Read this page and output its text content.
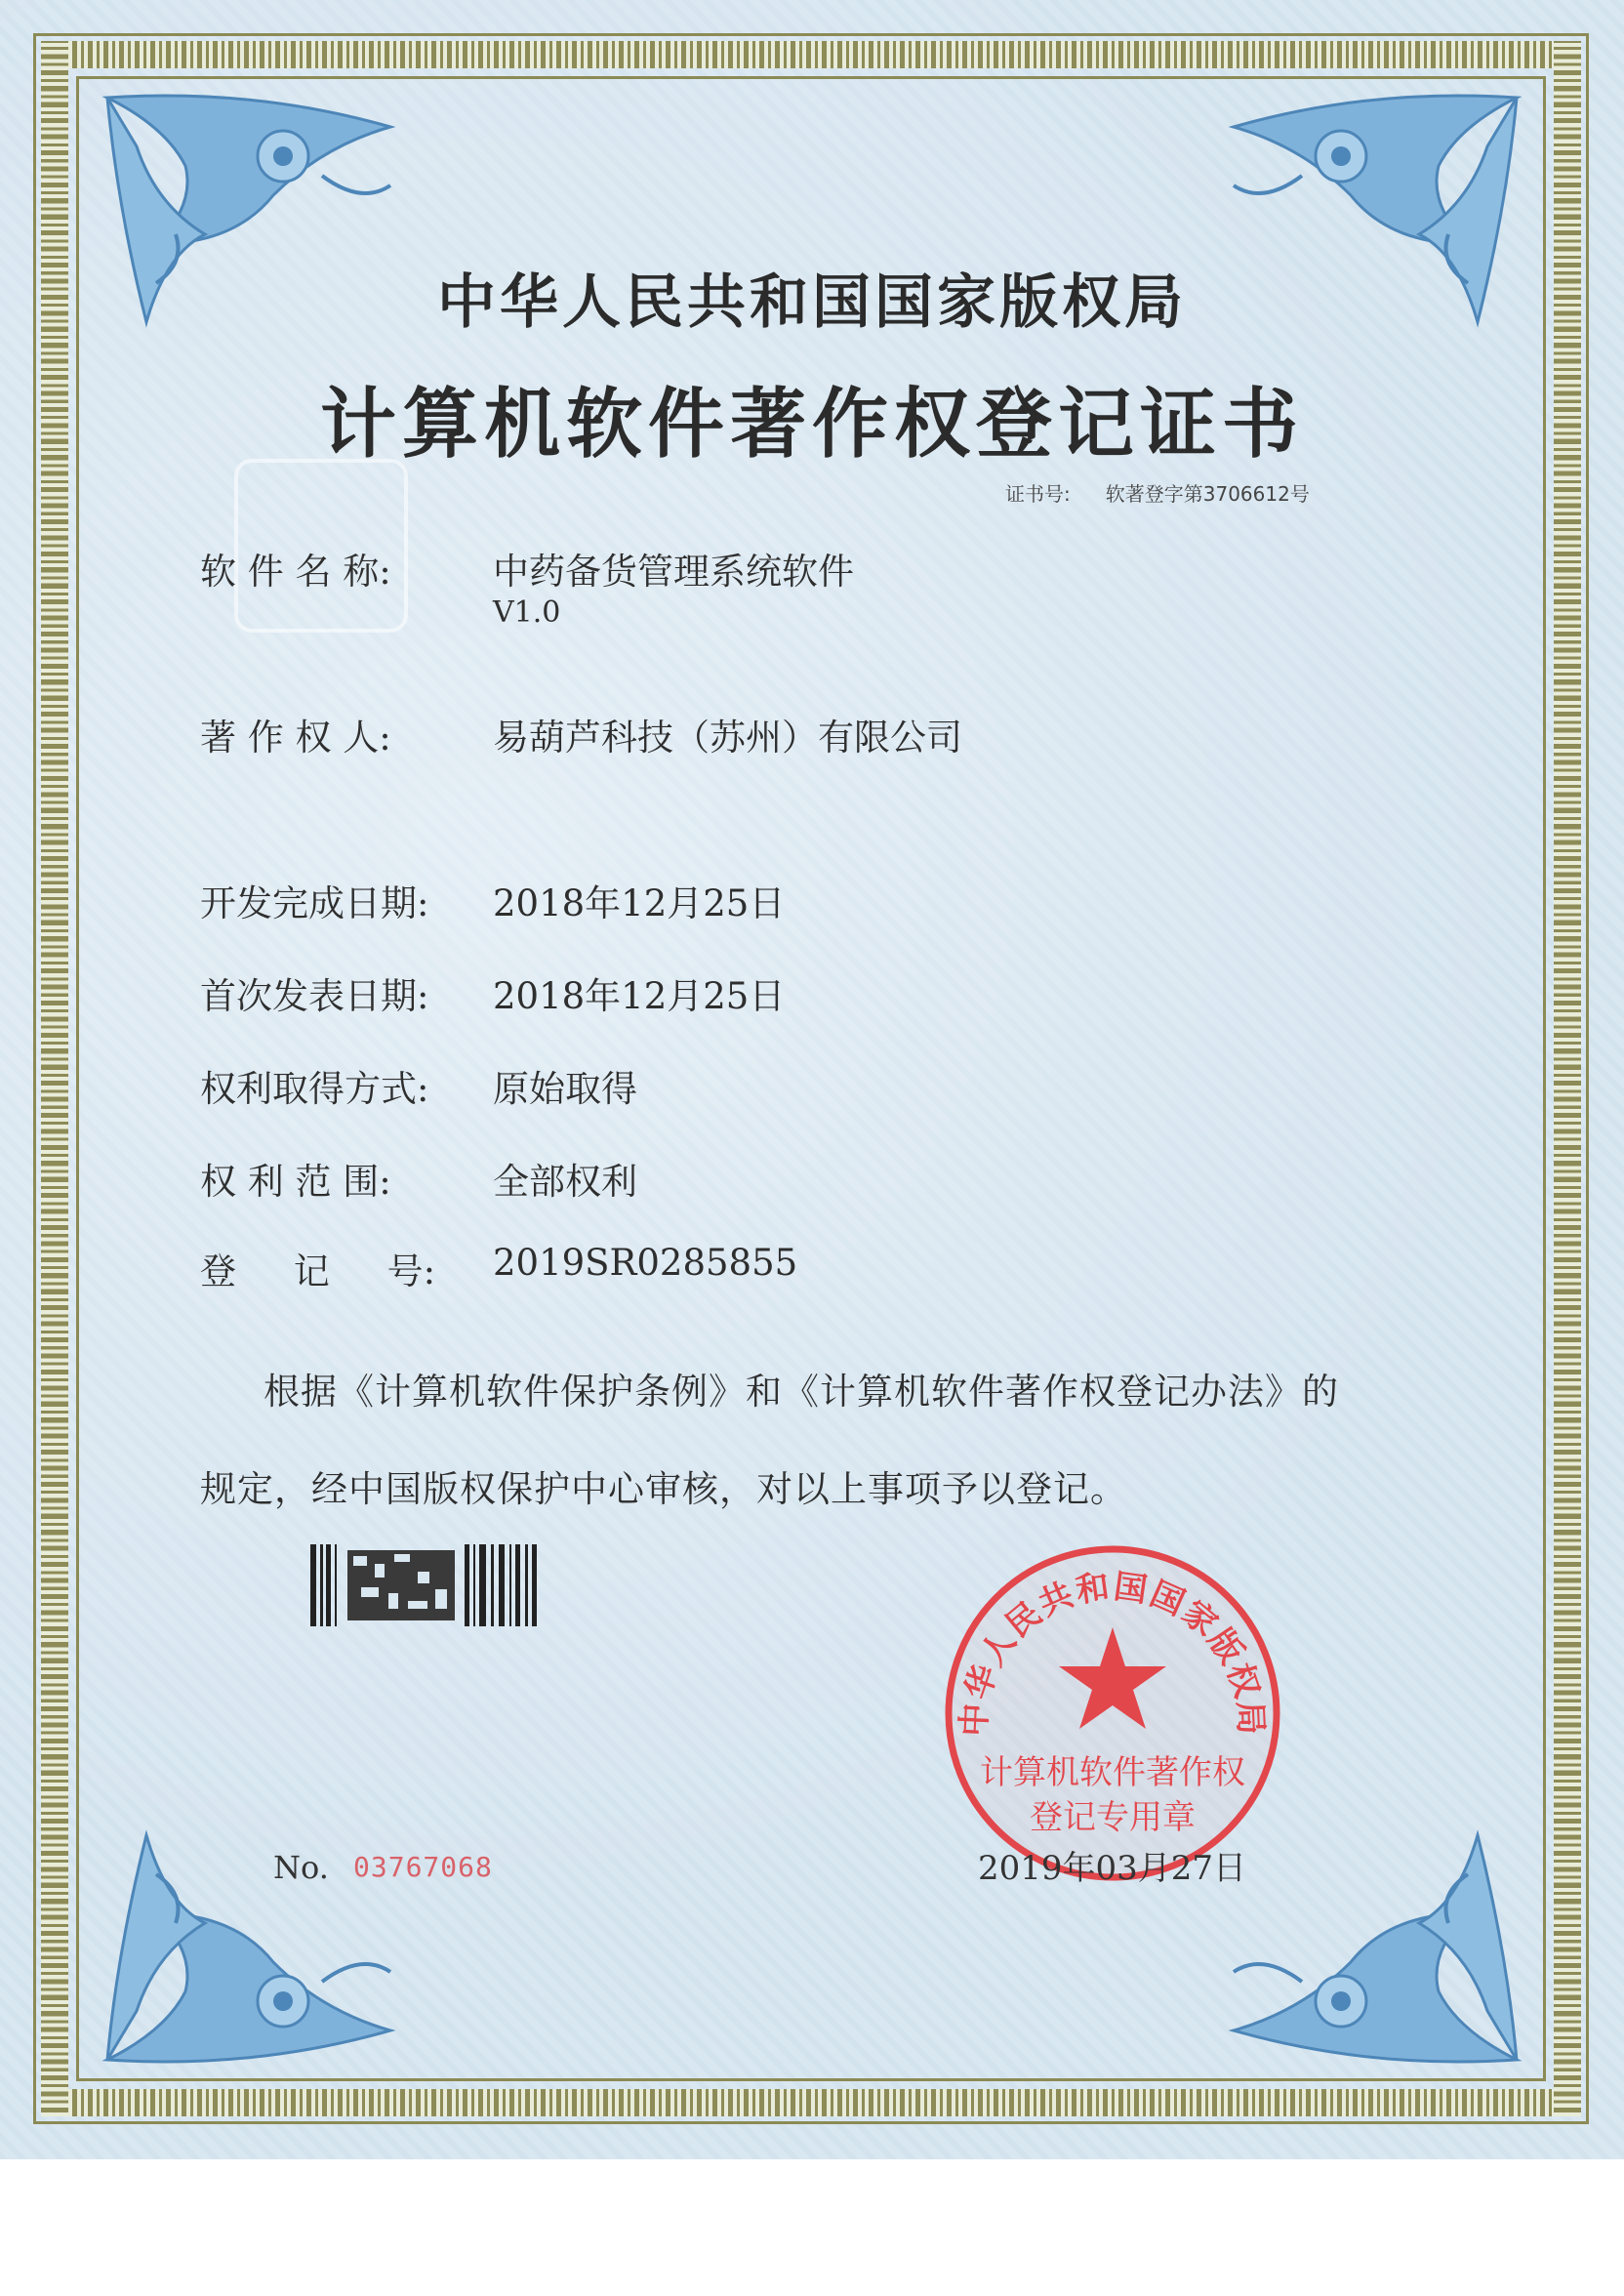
中华人民共和国国家版权局
计算机软件著作权登记证书
证书号: 软著登字第3706612号
软 件 名 称:	中药备货管理系统软件
V1.0
著 作 权 人:	易葫芦科技（苏州）有限公司
开发完成日期: 2018年12月25日
首次发表日期: 2018年12月25日
权利取得方式: 原始取得
权 利 范 围:	全部权利
登     记     号: 2019SR0285855
根据《计算机软件保护条例》和《计算机软件著作权登记办法》的
规定，经中国版权保护中心审核，对以上事项予以登记。
中华人民共和国国家版权局
计算机软件著作权
登记专用章
No. 03767068	2019年03月27日
